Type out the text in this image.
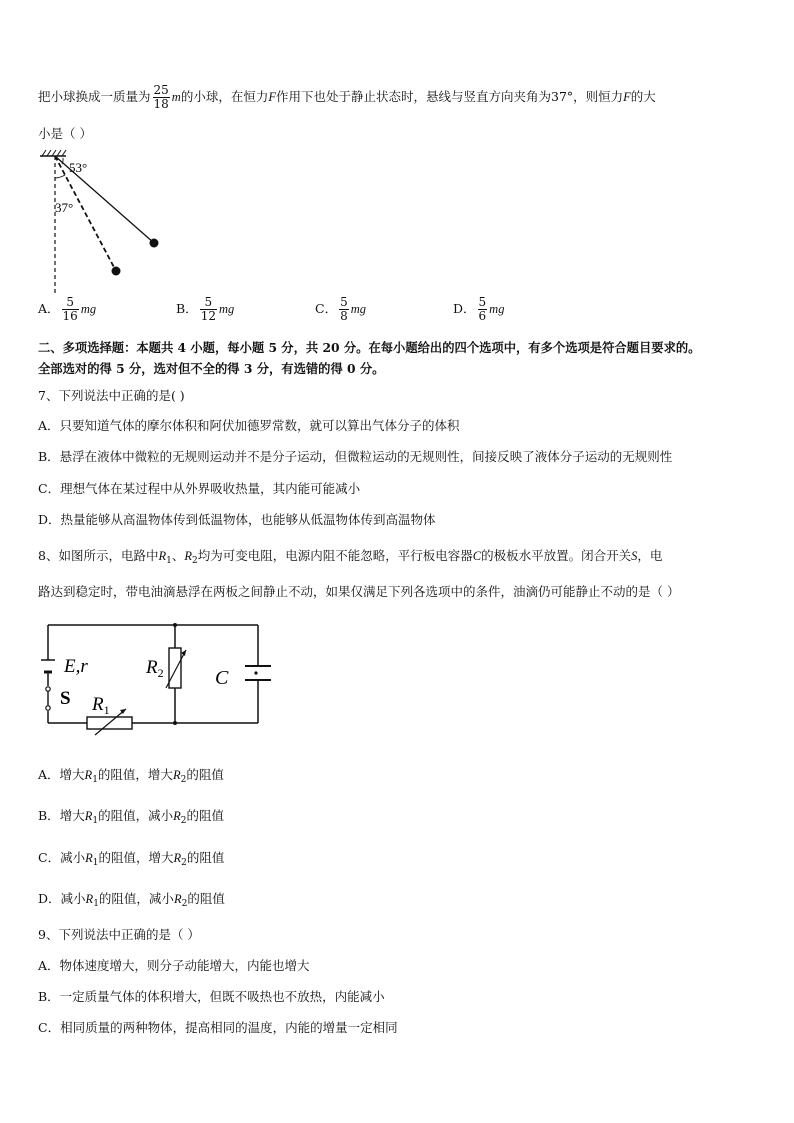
把小球换成一质量为 $\frac{25}{18}$ m的小球，在恒力F作用下也处于静止状态时，悬线与竖直方向夹角为37°，则恒力F的大
小是（ ）
53°
37°
A． $\frac{5}{16}$ mg	B． $\frac{5}{12}$ mg	C． $\frac{5}{8}$ mg	D． $\frac{5}{6}$ mg
二、多项选择题：本题共 4 小题，每小题 5 分，共 20 分。在每小题给出的四个选项中，有多个选项是符合题目要求的。
全部选对的得 5 分，选对但不全的得 3 分，有选错的得 0 分。
7、下列说法中正确的是( )
A．只要知道气体的摩尔体积和阿伏加德罗常数，就可以算出气体分子的体积
B．悬浮在液体中微粒的无规则运动并不是分子运动，但微粒运动的无规则性，间接反映了液体分子运动的无规则性
C．理想气体在某过程中从外界吸收热量，其内能可能减小
D．热量能够从高温物体传到低温物体，也能够从低温物体传到高温物体
8、如图所示，电路中$R_1$、$R_2$均为可变电阻，电源内阻不能忽略，平行板电容器C的极板水平放置。闭合开关S，电
路达到稳定时，带电油滴悬浮在两板之间静止不动，如果仅满足下列各选项中的条件，油滴仍可能静止不动的是（ ）
E,r
S $R_1$
$R_2$	C
A．增大$R_1$的阻值，增大$R_2$的阻值
B．增大$R_1$的阻值，减小$R_2$的阻值
C．减小$R_1$的阻值，增大$R_2$的阻值
D．减小$R_1$的阻值，减小$R_2$的阻值
9、下列说法中正确的是（ ）
A．物体速度增大，则分子动能增大，内能也增大
B．一定质量气体的体积增大，但既不吸热也不放热，内能减小
C．相同质量的两种物体，提高相同的温度，内能的增量一定相同
